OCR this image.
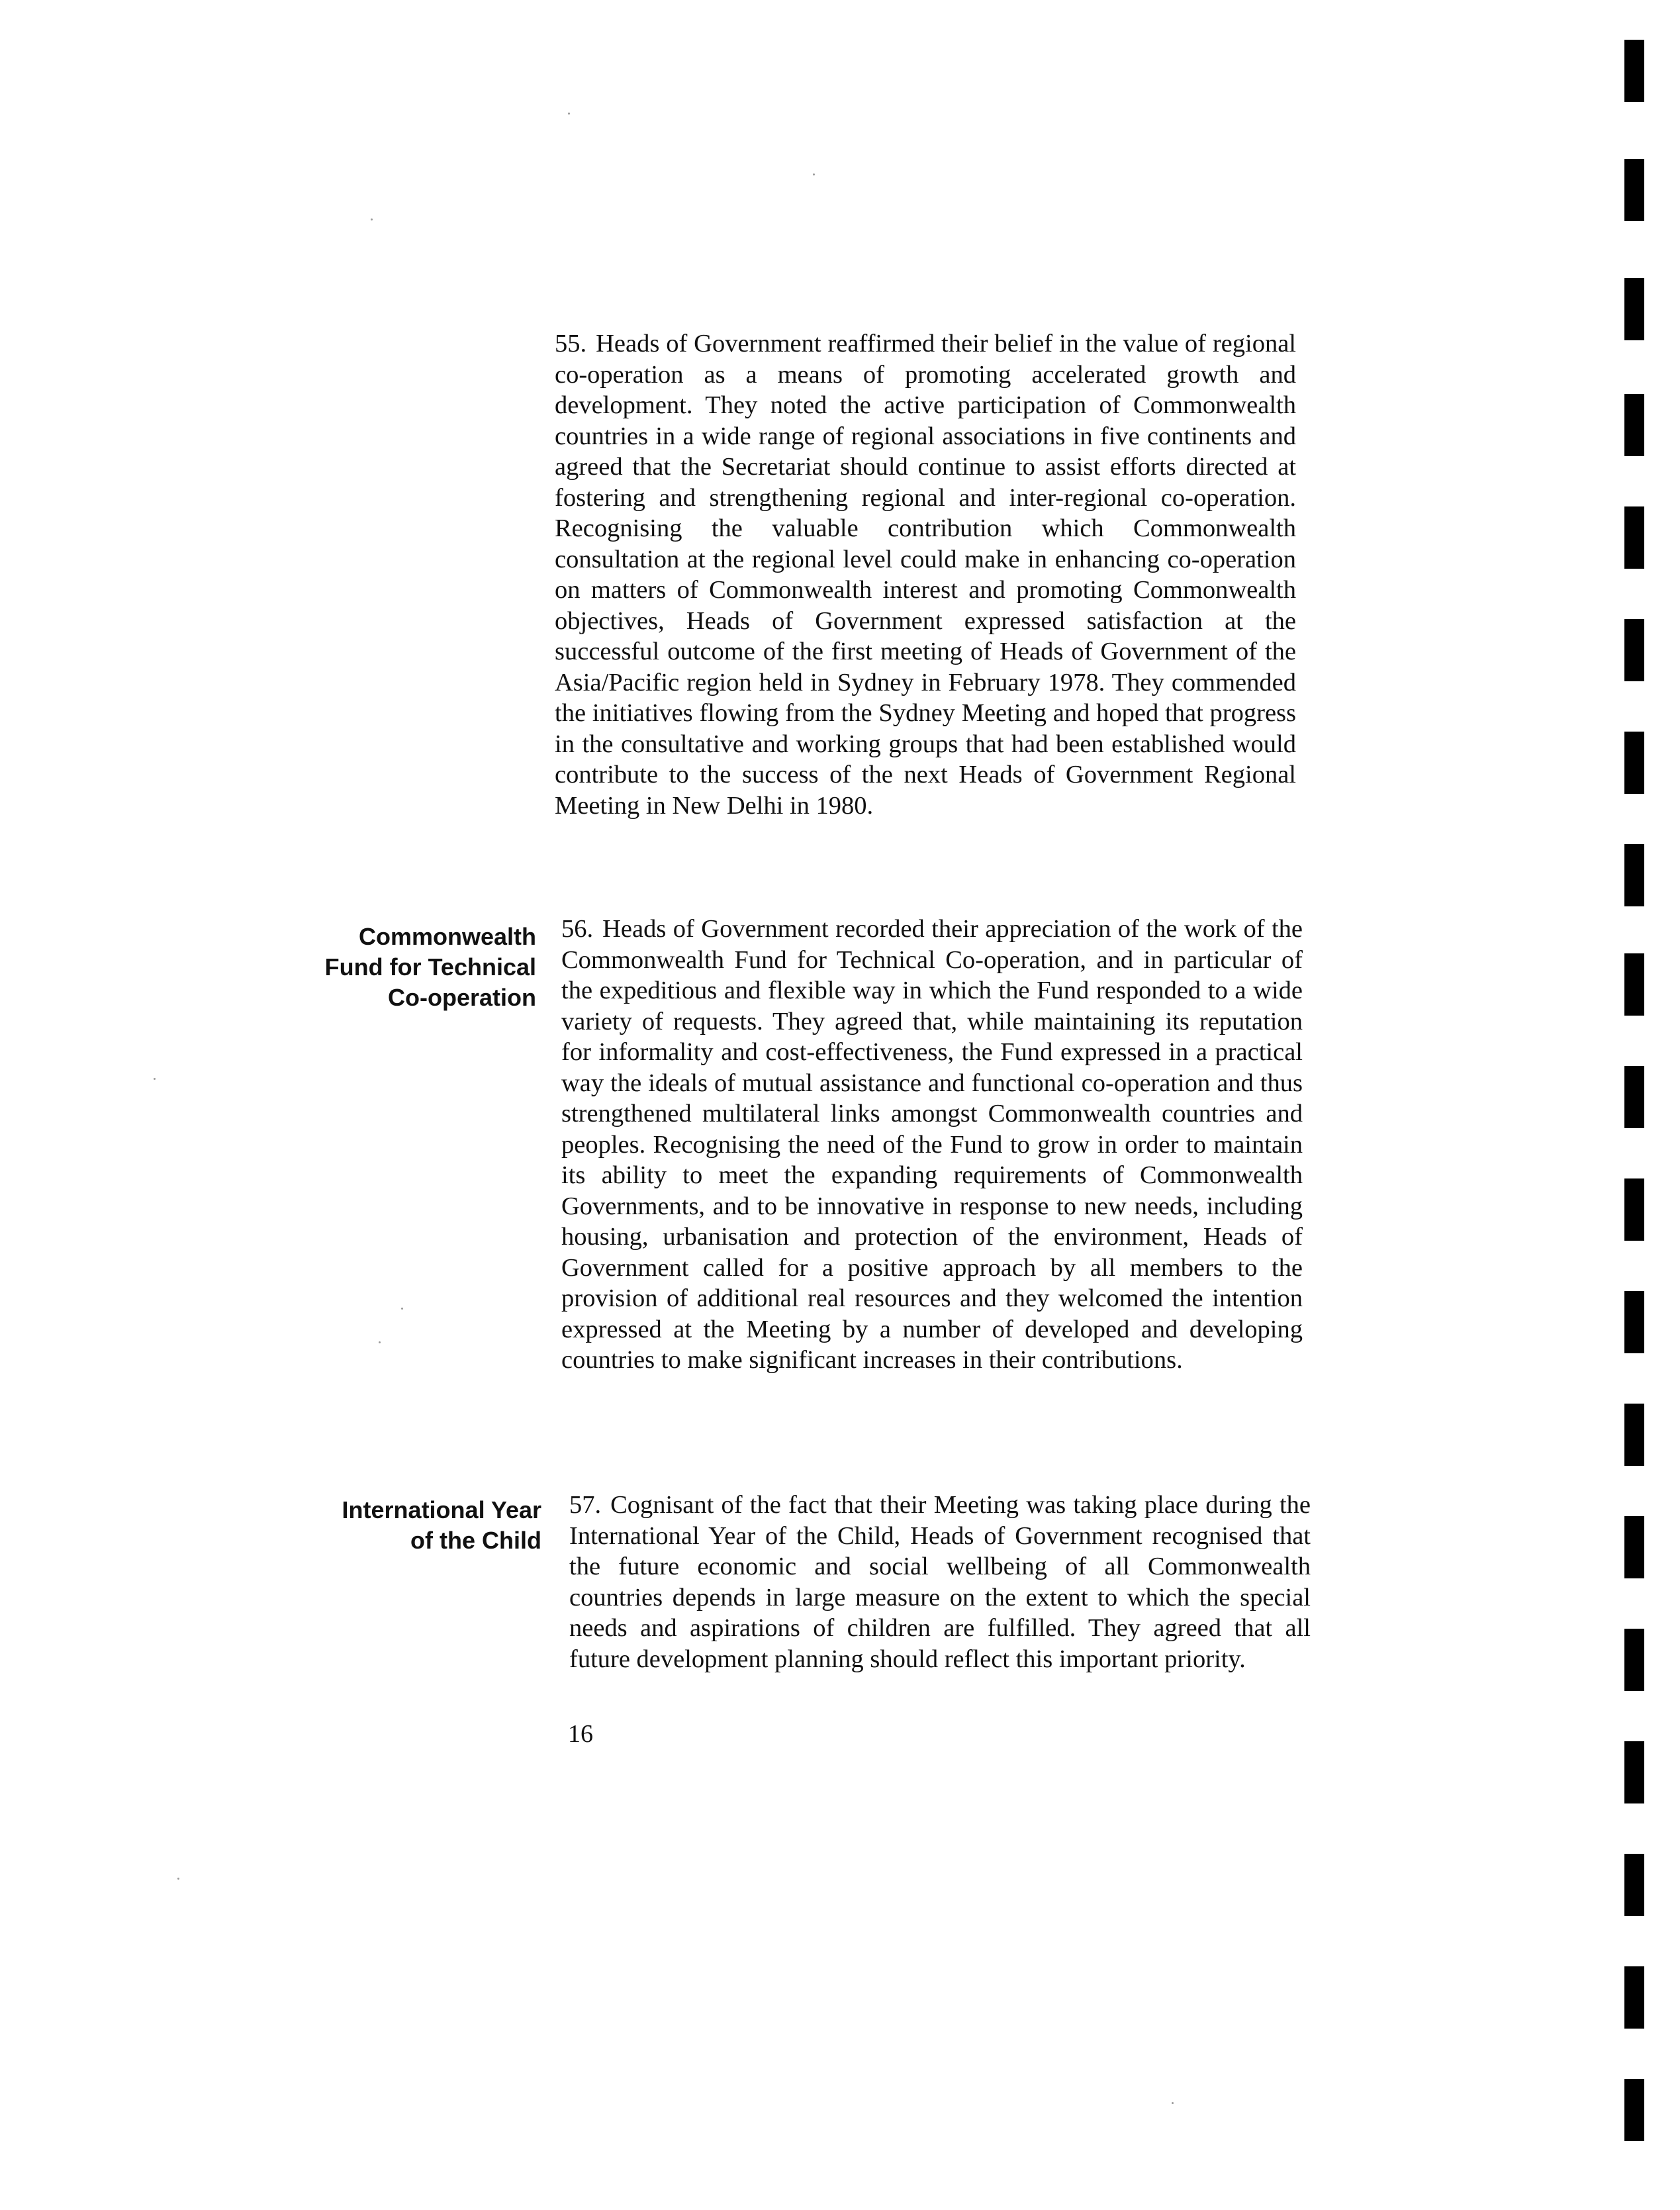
55. Heads of Government reaffirmed their belief in the value of regional co-operation as a means of promoting accelerated growth and development. They noted the active participation of Commonwealth countries in a wide range of regional associations in five continents and agreed that the Secretariat should continue to assist efforts directed at fostering and strengthening regional and inter-regional co-operation. Recognising the valuable contribution which Commonwealth consultation at the regional level could make in enhancing co-operation on matters of Commonwealth interest and promoting Commonwealth objectives, Heads of Government expressed satisfaction at the successful outcome of the first meeting of Heads of Government of the Asia/Pacific region held in Sydney in February 1978. They commended the initiatives flowing from the Sydney Meeting and hoped that progress in the consultative and working groups that had been established would contribute to the success of the next Heads of Government Regional Meeting in New Delhi in 1980.

Commonwealth
Fund for Technical
Co-operation

56. Heads of Government recorded their appreciation of the work of the Commonwealth Fund for Technical Co-operation, and in particular of the expeditious and flexible way in which the Fund responded to a wide variety of requests. They agreed that, while maintaining its reputation for informality and cost-effectiveness, the Fund expressed in a practical way the ideals of mutual assistance and functional co-operation and thus strengthened multilateral links amongst Commonwealth countries and peoples. Recognising the need of the Fund to grow in order to maintain its ability to meet the expanding requirements of Commonwealth Governments, and to be innovative in response to new needs, including housing, urbanisation and protection of the environment, Heads of Government called for a positive approach by all members to the provision of additional real resources and they welcomed the intention expressed at the Meeting by a number of developed and developing countries to make significant increases in their contributions.

International Year
of the Child

57. Cognisant of the fact that their Meeting was taking place during the International Year of the Child, Heads of Government recognised that the future economic and social wellbeing of all Commonwealth countries depends in large measure on the extent to which the special needs and aspirations of children are fulfilled. They agreed that all future development planning should reflect this important priority.

16
